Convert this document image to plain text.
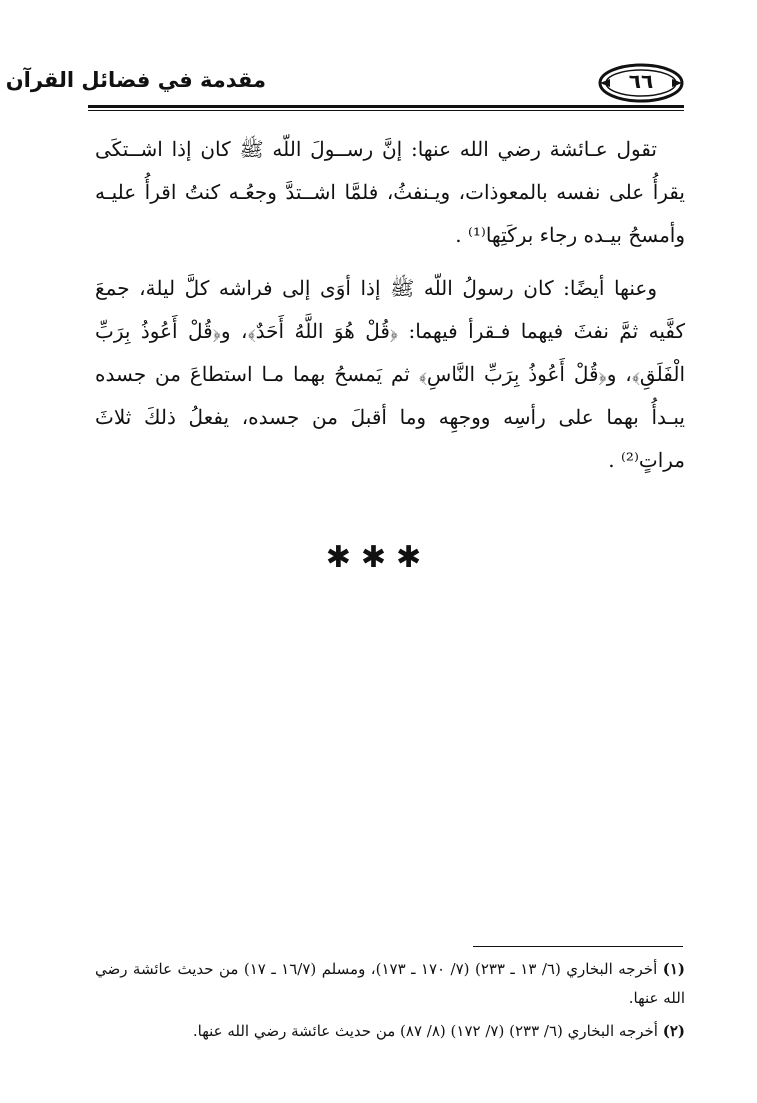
مقدمة في فضائل القرآن	٦٦

تقول عـائشة رضي الله عنها: إنَّ رســولَ اللّه ﷺ كان إذا اشــتكَى يقرأُ على نفسه بالمعوذات، ويـنفثُ، فلمَّا اشــتدَّ وجعُـه كنتُ اقرأُ عليـه وأمسحُ بيـده رجاء بركَتِها⁽¹⁾ .

وعنها أيضًا: كان رسولُ اللّه ﷺ إذا أوَى إلى فراشه كلَّ ليلة، جمعَ كفَّيه ثمَّ نفثَ فيهما فـقرأ فيهما: ﴿قُلْ هُوَ اللَّهُ أَحَدٌ﴾، و﴿قُلْ أَعُوذُ بِرَبِّ الْفَلَقِ﴾، و﴿قُلْ أَعُوذُ بِرَبِّ النَّاسِ﴾ ثم يَمسحُ بهما مـا استطاعَ من جسده يبـدأُ بهما على رأسِه ووجهِه وما أقبلَ من جسده، يفعلُ ذلكَ ثلاثَ مراتٍ⁽²⁾ .

✱✱✱

(١) أخرجه البخاري (٦/ ١٣ ـ ٢٣٣) (٧/ ١٧٠ ـ ١٧٣)، ومسلم (١٦/٧ ـ ١٧) من حديث عائشة رضي الله عنها.

(٢) أخرجه البخاري (٦/ ٢٣٣) (٧/ ١٧٢) (٨/ ٨٧) من حديث عائشة رضي الله عنها.
